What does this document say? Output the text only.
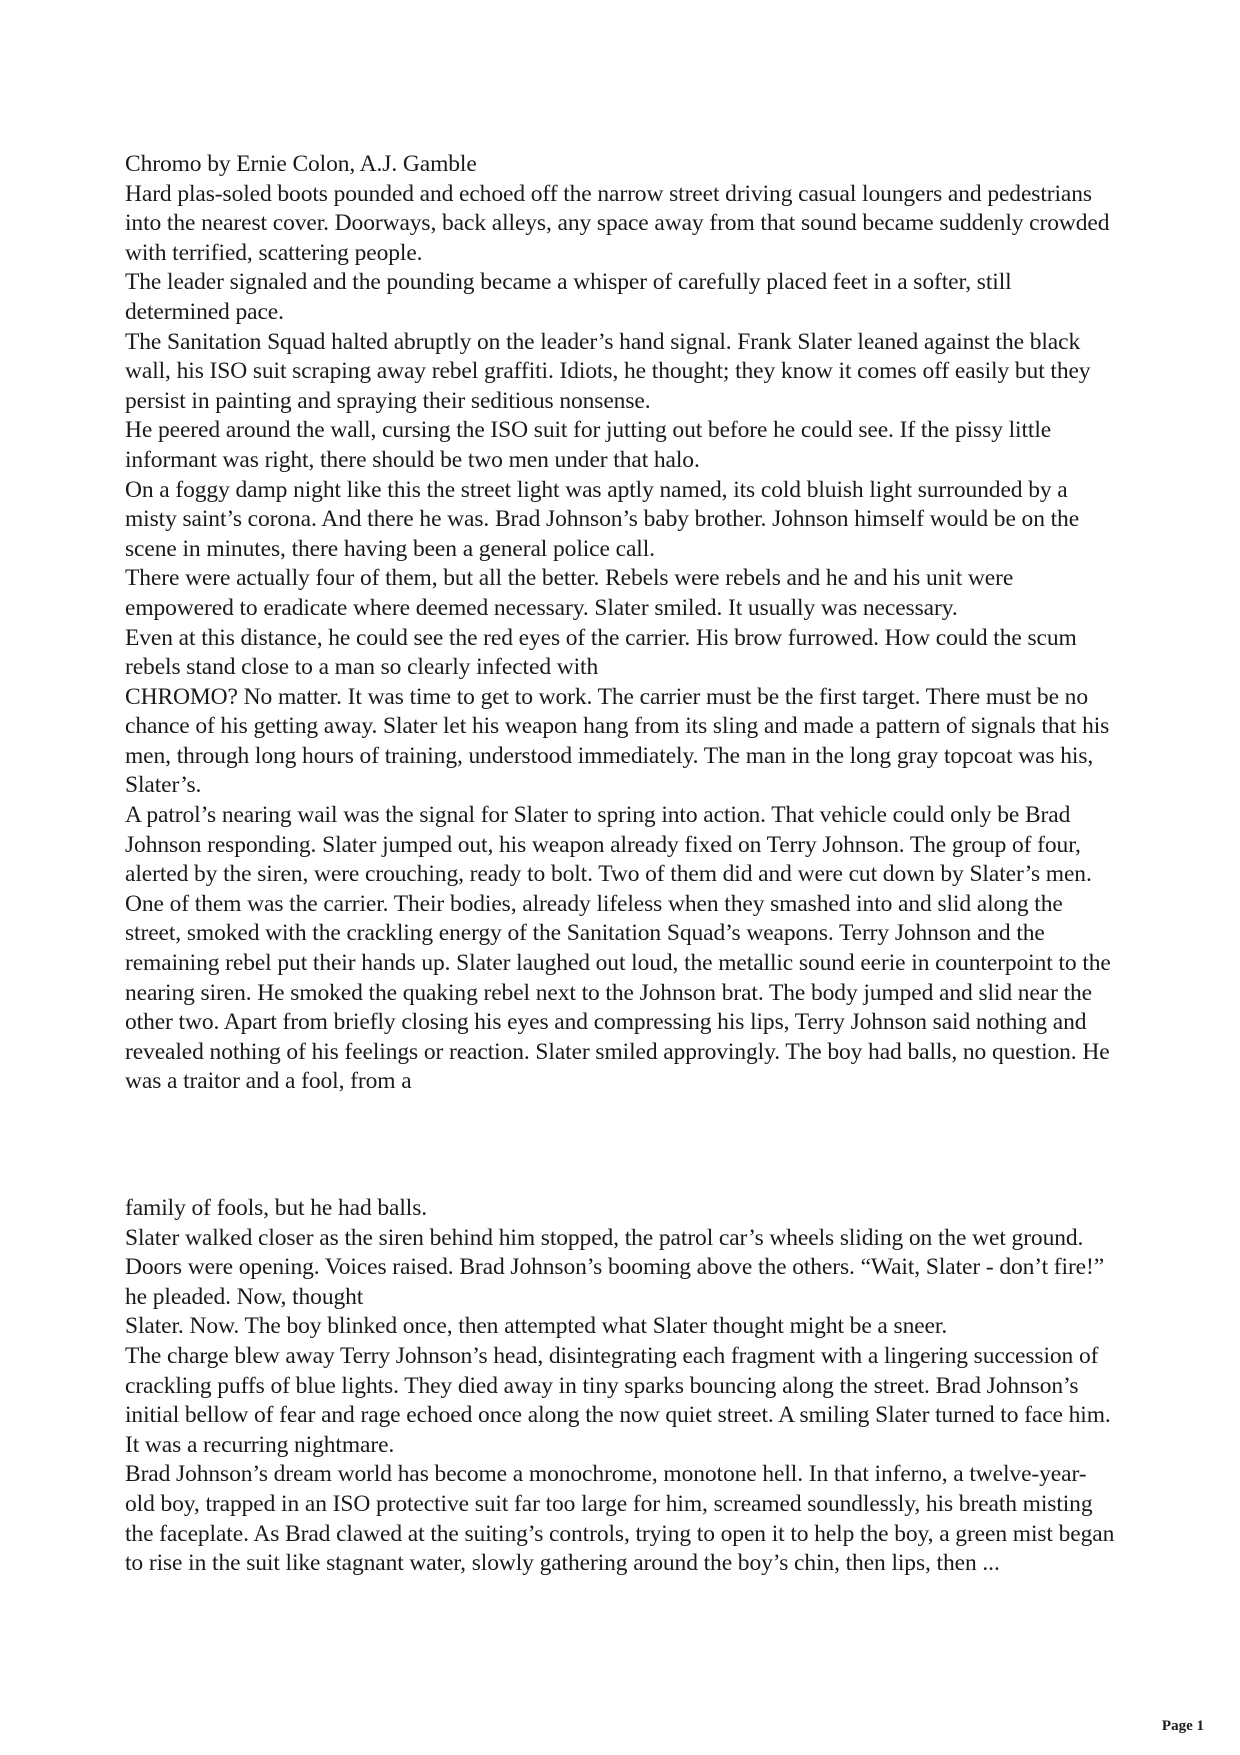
Chromo by Ernie Colon, A.J. Gamble

Hard plas-soled boots pounded and echoed off the narrow street driving casual loungers and pedestrians into the nearest cover. Doorways, back alleys, any space away from that sound became suddenly crowded with terrified, scattering people.

The leader signaled and the pounding became a whisper of carefully placed feet in a softer, still determined pace.

The Sanitation Squad halted abruptly on the leader’s hand signal. Frank Slater leaned against the black wall, his ISO suit scraping away rebel graffiti. Idiots, he thought; they know it comes off easily but they persist in painting and spraying their seditious nonsense.

He peered around the wall, cursing the ISO suit for jutting out before he could see. If the pissy little informant was right, there should be two men under that halo.

On a foggy damp night like this the street light was aptly named, its cold bluish light surrounded by a misty saint’s corona. And there he was. Brad Johnson’s baby brother. Johnson himself would be on the scene in minutes, there having been a general police call.

There were actually four of them, but all the better. Rebels were rebels and he and his unit were empowered to eradicate where deemed necessary. Slater smiled. It usually was necessary.

Even at this distance, he could see the red eyes of the carrier. His brow furrowed. How could the scum rebels stand close to a man so clearly infected with

CHROMO? No matter. It was time to get to work. The carrier must be the first target. There must be no chance of his getting away. Slater let his weapon hang from its sling and made a pattern of signals that his men, through long hours of training, understood immediately. The man in the long gray topcoat was his, Slater’s.

A patrol’s nearing wail was the signal for Slater to spring into action. That vehicle could only be Brad Johnson responding. Slater jumped out, his weapon already fixed on Terry Johnson. The group of four, alerted by the siren, were crouching, ready to bolt. Two of them did and were cut down by Slater’s men. One of them was the carrier. Their bodies, already lifeless when they smashed into and slid along the street, smoked with the crackling energy of the Sanitation Squad’s weapons. Terry Johnson and the remaining rebel put their hands up. Slater laughed out loud, the metallic sound eerie in counterpoint to the nearing siren. He smoked the quaking rebel next to the Johnson brat. The body jumped and slid near the other two. Apart from briefly closing his eyes and compressing his lips, Terry Johnson said nothing and revealed nothing of his feelings or reaction. Slater smiled approvingly. The boy had balls, no question. He was a traitor and a fool, from a

family of fools, but he had balls.

Slater walked closer as the siren behind him stopped, the patrol car’s wheels sliding on the wet ground. Doors were opening. Voices raised. Brad Johnson’s booming above the others. “Wait, Slater - don’t fire!” he pleaded. Now, thought

Slater. Now. The boy blinked once, then attempted what Slater thought might be a sneer.

The charge blew away Terry Johnson’s head, disintegrating each fragment with a lingering succession of crackling puffs of blue lights. They died away in tiny sparks bouncing along the street. Brad Johnson’s initial bellow of fear and rage echoed once along the now quiet street. A smiling Slater turned to face him.

It was a recurring nightmare.

Brad Johnson’s dream world has become a monochrome, monotone hell. In that inferno, a twelve-year-old boy, trapped in an ISO protective suit far too large for him, screamed soundlessly, his breath misting the faceplate. As Brad clawed at the suiting’s controls, trying to open it to help the boy, a green mist began to rise in the suit like stagnant water, slowly gathering around the boy’s chin, then lips, then ...

Page 1
